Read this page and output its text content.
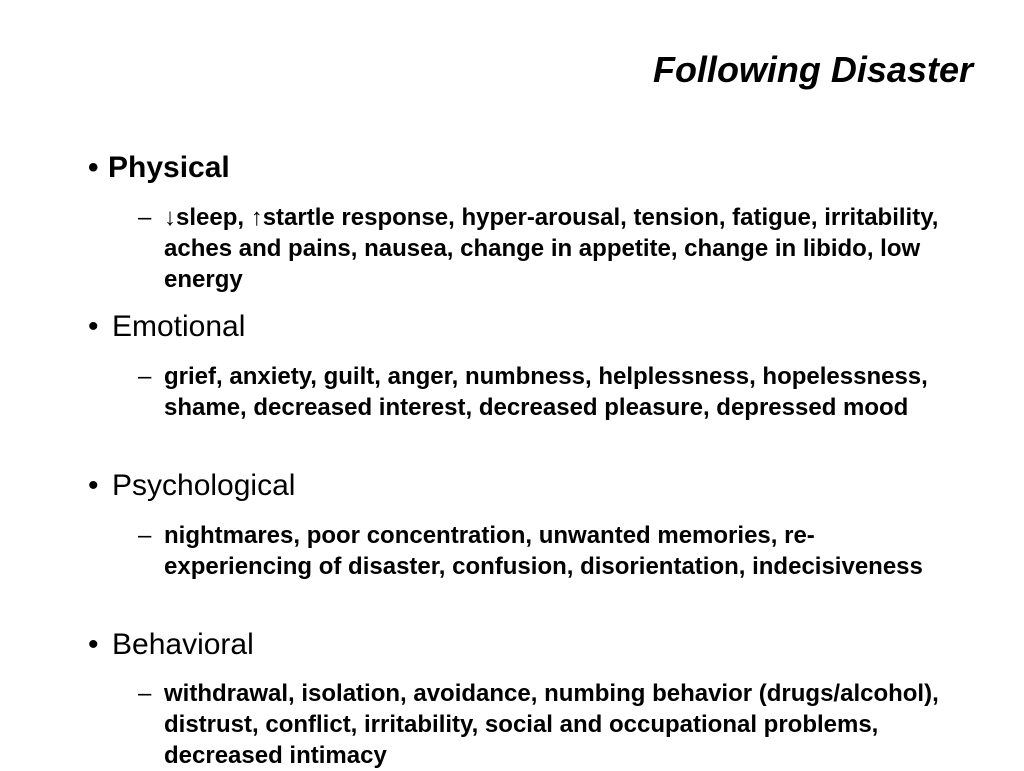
Following Disaster
• Physical
– ↓sleep, ↑startle response, hyper-arousal, tension, fatigue, irritability, aches and pains, nausea, change in appetite, change in libido, low energy
• Emotional
– grief, anxiety, guilt, anger, numbness, helplessness, hopelessness, shame, decreased interest, decreased pleasure, depressed mood
• Psychological
– nightmares, poor concentration, unwanted memories, re-experiencing of disaster, confusion, disorientation, indecisiveness
• Behavioral
– withdrawal, isolation, avoidance, numbing behavior (drugs/alcohol), distrust, conflict, irritability, social and occupational problems, decreased intimacy
